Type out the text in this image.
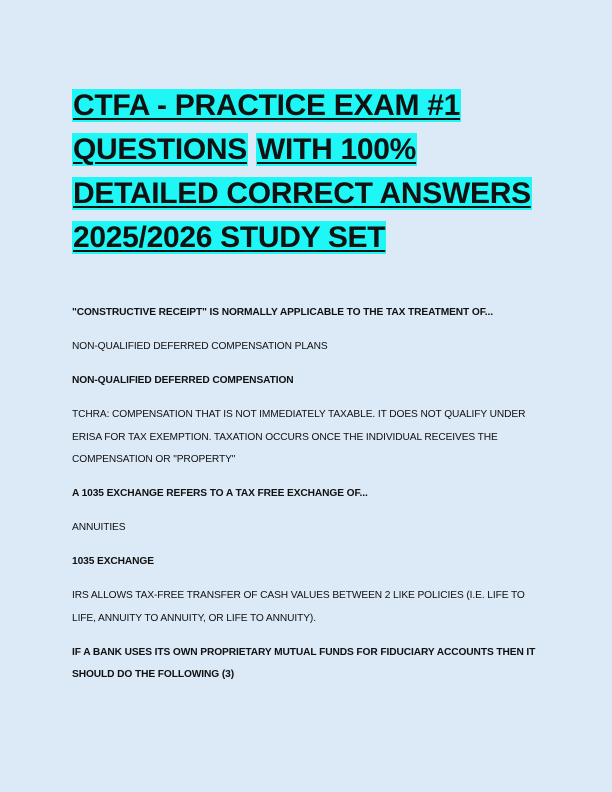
CTFA - PRACTICE EXAM #1
QUESTIONS WITH 100%
DETAILED CORRECT ANSWERS
2025/2026 STUDY SET

"CONSTRUCTIVE RECEIPT" IS NORMALLY APPLICABLE TO THE TAX TREATMENT OF...

NON-QUALIFIED DEFERRED COMPENSATION PLANS

NON-QUALIFIED DEFERRED COMPENSATION

TCHRA: COMPENSATION THAT IS NOT IMMEDIATELY TAXABLE. IT DOES NOT QUALIFY UNDER ERISA FOR TAX EXEMPTION. TAXATION OCCURS ONCE THE INDIVIDUAL RECEIVES THE COMPENSATION OR "PROPERTY"

A 1035 EXCHANGE REFERS TO A TAX FREE EXCHANGE OF...

ANNUITIES

1035 EXCHANGE

IRS ALLOWS TAX-FREE TRANSFER OF CASH VALUES BETWEEN 2 LIKE POLICIES (I.E. LIFE TO LIFE, ANNUITY TO ANNUITY, OR LIFE TO ANNUITY).

IF A BANK USES ITS OWN PROPRIETARY MUTUAL FUNDS FOR FIDUCIARY ACCOUNTS THEN IT SHOULD DO THE FOLLOWING (3)
